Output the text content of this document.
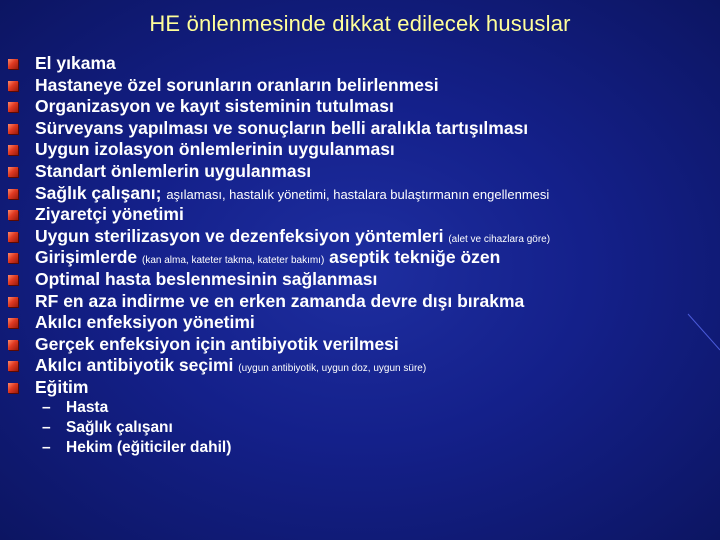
HE önlenmesinde dikkat edilecek hususlar
El yıkama
Hastaneye özel sorunların oranların belirlenmesi
Organizasyon ve kayıt sisteminin tutulması
Sürveyans yapılması ve sonuçların belli aralıkla tartışılması
Uygun izolasyon önlemlerinin uygulanması
Standart önlemlerin uygulanması
Sağlık çalışanı; aşılaması, hastalık yönetimi, hastalara bulaştırmanın engellenmesi
Ziyaretçi yönetimi
Uygun sterilizasyon ve dezenfeksiyon yöntemleri (alet ve cihazlara göre)
Girişimlerde (kan alma, kateter takma, kateter bakımı) aseptik tekniğe özen
Optimal hasta beslenmesinin sağlanması
RF en aza indirme ve en erken zamanda devre dışı bırakma
Akılcı enfeksiyon yönetimi
Gerçek enfeksiyon için antibiyotik verilmesi
Akılcı antibiyotik seçimi (uygun antibiyotik, uygun doz, uygun süre)
Eğitim
– Hasta
– Sağlık çalışanı
– Hekim (eğiticiler dahil)
